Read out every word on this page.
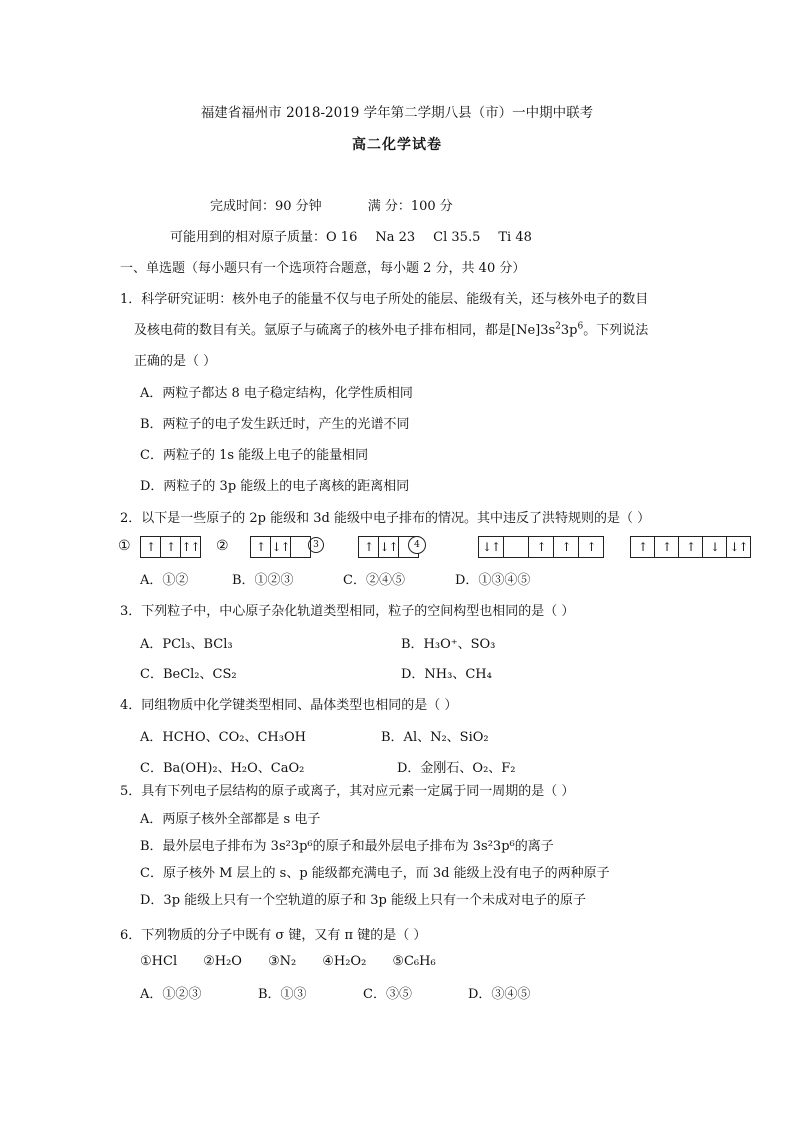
福建省福州市 2018-2019 学年第二学期八县（市）一中期中联考
高二化学试卷
完成时间：90 分钟	满 分：100 分
可能用到的相对原子质量：O 16 Na 23 Cl 35.5 Ti 48
一、单选题（每小题只有一个选项符合题意，每小题 2 分，共 40 分）
1．科学研究证明：核外电子的能量不仅与电子所处的能层、能级有关，还与核外电子的数目
及核电荷的数目有关。氩原子与硫离子的核外电子排布相同，都是$[Ne]3s^23p^6$。下列说法
正确的是（ ）
A．两粒子都达 8 电子稳定结构，化学性质相同
B．两粒子的电子发生跃迁时，产生的光谱不同
C．两粒子的 1s 能级上电子的能量相同
D．两粒子的 3p 能级上的电子离核的距离相同
2．以下是一些原子的 2p 能级和 3d 能级中电子排布的情况。其中违反了洪特规则的是（ ）
①	↑ ↑ ↑↑ ②	↑ ↓↑	3	↑ ↓↑	4	↓↑	↑	↑	↑	↑	↑	↑	↓ ↓↑
A．①②	B．①②③	C．②④⑤	D．①③④⑤
3．下列粒子中，中心原子杂化轨道类型相同，粒子的空间构型也相同的是（ ）
A．PCl₃、BCl₃	B．H₃O⁺、SO₃
C．BeCl₂、CS₂	D．NH₃、CH₄
4．同组物质中化学键类型相同、晶体类型也相同的是（ ）
A．HCHO、CO₂、CH₃OH	B．Al、N₂、SiO₂
C．Ba(OH)₂、H₂O、CaO₂	D．金刚石、O₂、F₂
5．具有下列电子层结构的原子或离子，其对应元素一定属于同一周期的是（ ）
A．两原子核外全部都是 s 电子
B．最外层电子排布为 3s²3p⁶的原子和最外层电子排布为 3s²3p⁶的离子
C．原子核外 M 层上的 s、p 能级都充满电子，而 3d 能级上没有电子的两种原子
D．3p 能级上只有一个空轨道的原子和 3p 能级上只有一个未成对电子的原子
6．下列物质的分子中既有 σ 键，又有 π 键的是（ ）
①HCl ②H₂O ③N₂ ④H₂O₂ ⑤C₆H₆
A．①②③	B．①③	C．③⑤	D．③④⑤
